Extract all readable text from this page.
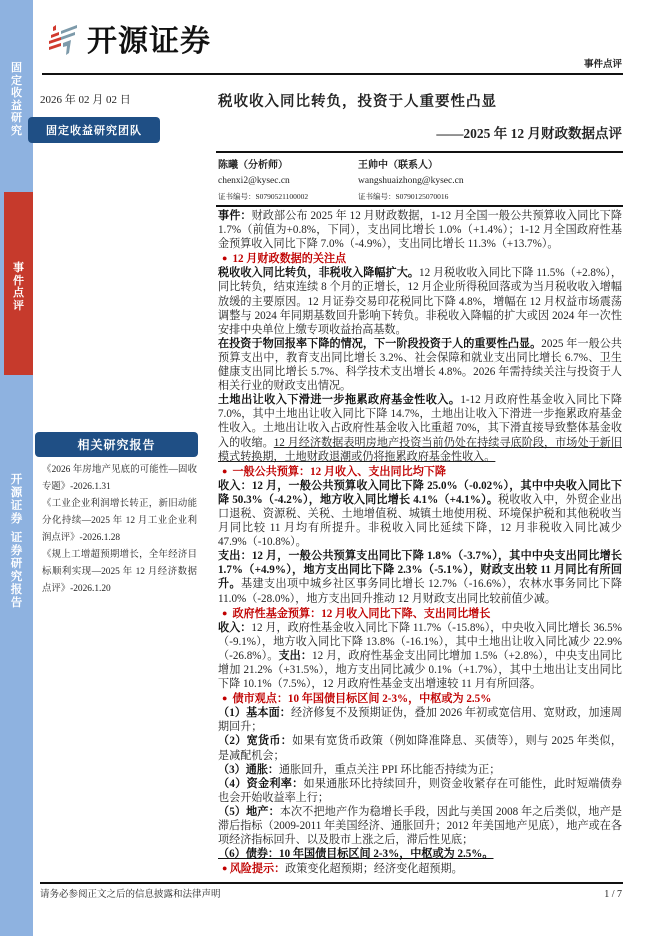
固
定
收
益
研
究
事
件
点
评
开
源
证
券
证
券
研
究
报
告
开源证券
事件点评
2026 年 02 月 02 日
固定收益研究团队
税收收入同比转负，投资于人重要性凸显
——2025 年 12 月财政数据点评
陈曦（分析师）
chenxi2@kysec.cn
证书编号：S0790521100002
王帅中（联系人）
wangshuaizhong@kysec.cn
证书编号：S0790125070016

事件：财政部公布 2025 年 12 月财政数据，1-12 月全国一般公共预算收入同比下降 1.7%（前值为+0.8%，下同），支出同比增长 1.0%（+1.4%）；1-12 月全国政府性基金预算收入同比下降 7.0%（-4.9%），支出同比增长 11.3%（+13.7%）。

● 12 月财政数据的关注点

税收收入同比转负，非税收入降幅扩大。12 月税收收入同比下降 11.5%（+2.8%），同比转负，结束连续 8 个月的正增长，12 月企业所得税回落或为当月税收收入增幅放缓的主要原因。12 月证券交易印花税同比下降 4.8%，增幅在 12 月权益市场震荡调整与 2024 年同期基数回升影响下转负。非税收入降幅的扩大或因 2024 年一次性安排中央单位上缴专项收益抬高基数。

在投资于物回报率下降的情况，下一阶段投资于人的重要性凸显。2025 年一般公共预算支出中，教育支出同比增长 3.2%、社会保障和就业支出同比增长 6.7%、卫生健康支出同比增长 5.7%、科学技术支出增长 4.8%。2026 年需持续关注与投资于人相关行业的财政支出情况。

土地出让收入下滑进一步拖累政府基金性收入。1-12 月政府性基金收入同比下降 7.0%，其中土地出让收入同比下降 14.7%，土地出让收入下滑进一步拖累政府基金性收入。土地出让收入占政府性基金收入比重超 70%，其下滑直接导致整体基金收入的收缩。12 月经济数据表明房地产投资当前仍处在持续寻底阶段，市场处于新旧模式转换期，土地财政退潮或仍将拖累政府基金性收入。

● 一般公共预算：12 月收入、支出同比均下降

收入：12 月，一般公共预算收入同比下降 25.0%（-0.02%），其中中央收入同比下降 50.3%（-4.2%），地方收入同比增长 4.1%（+4.1%）。税收收入中，外贸企业出口退税、资源税、关税、土地增值税、城镇土地使用税、环境保护税和其他税收当月同比较 11 月均有所提升。非税收入同比延续下降，12 月非税收入同比减少 47.9%（-10.8%）。

支出：12 月，一般公共预算支出同比下降 1.8%（-3.7%），其中中央支出同比增长 1.7%（+4.9%），地方支出同比下降 2.3%（-5.1%），财政支出较 11 月同比有所回升。基建支出项中城乡社区事务同比增长 12.7%（-16.6%），农林水事务同比下降 11.0%（-28.0%），地方支出回升推动 12 月财政支出同比较前值少减。

● 政府性基金预算：12 月收入同比下降、支出同比增长

收入：12 月，政府性基金收入同比下降 11.7%（-15.8%），中央收入同比增长 36.5%（-9.1%），地方收入同比下降 13.8%（-16.1%），其中土地出让收入同比减少 22.9%（-26.8%）。支出：12 月，政府性基金支出同比增加 1.5%（+2.8%），中央支出同比增加 21.2%（+31.5%），地方支出同比减少 0.1%（+1.7%），其中土地出让支出同比下降 10.1%（7.5%），12 月政府性基金支出增速较 11 月有所回落。

● 债市观点：10 年国债目标区间 2-3%，中枢或为 2.5%

（1）基本面：经济修复不及预期证伪，叠加 2026 年初或宽信用、宽财政，加速周期回升；

（2）宽货币：如果有宽货币政策（例如降准降息、买债等），则与 2025 年类似，是减配机会；

（3）通胀：通胀回升，重点关注 PPI 环比能否持续为正；

（4）资金利率：如果通胀环比持续回升，则资金收紧存在可能性，此时短端债券也会开始收益率上行；

（5）地产：本次不把地产作为稳增长手段，因此与美国 2008 年之后类似，地产是滞后指标（2009-2011 年美国经济、通胀回升；2012 年美国地产见底），地产或在各项经济指标回升、以及股市上涨之后，滞后性见底；

（6）债券：10 年国债目标区间 2-3%，中枢或为 2.5%。

● 风险提示：政策变化超预期；经济变化超预期。

相关研究报告
《2026 年房地产见底的可能性—固收专题》-2026.1.31
《工业企业利润增长转正，新旧动能分化持续—2025 年 12 月工业企业利润点评》-2026.1.28
《规上工增超预期增长，全年经济目标顺利实现—2025 年 12 月经济数据点评》-2026.1.20
请务必参阅正文之后的信息披露和法律声明	1 / 7
